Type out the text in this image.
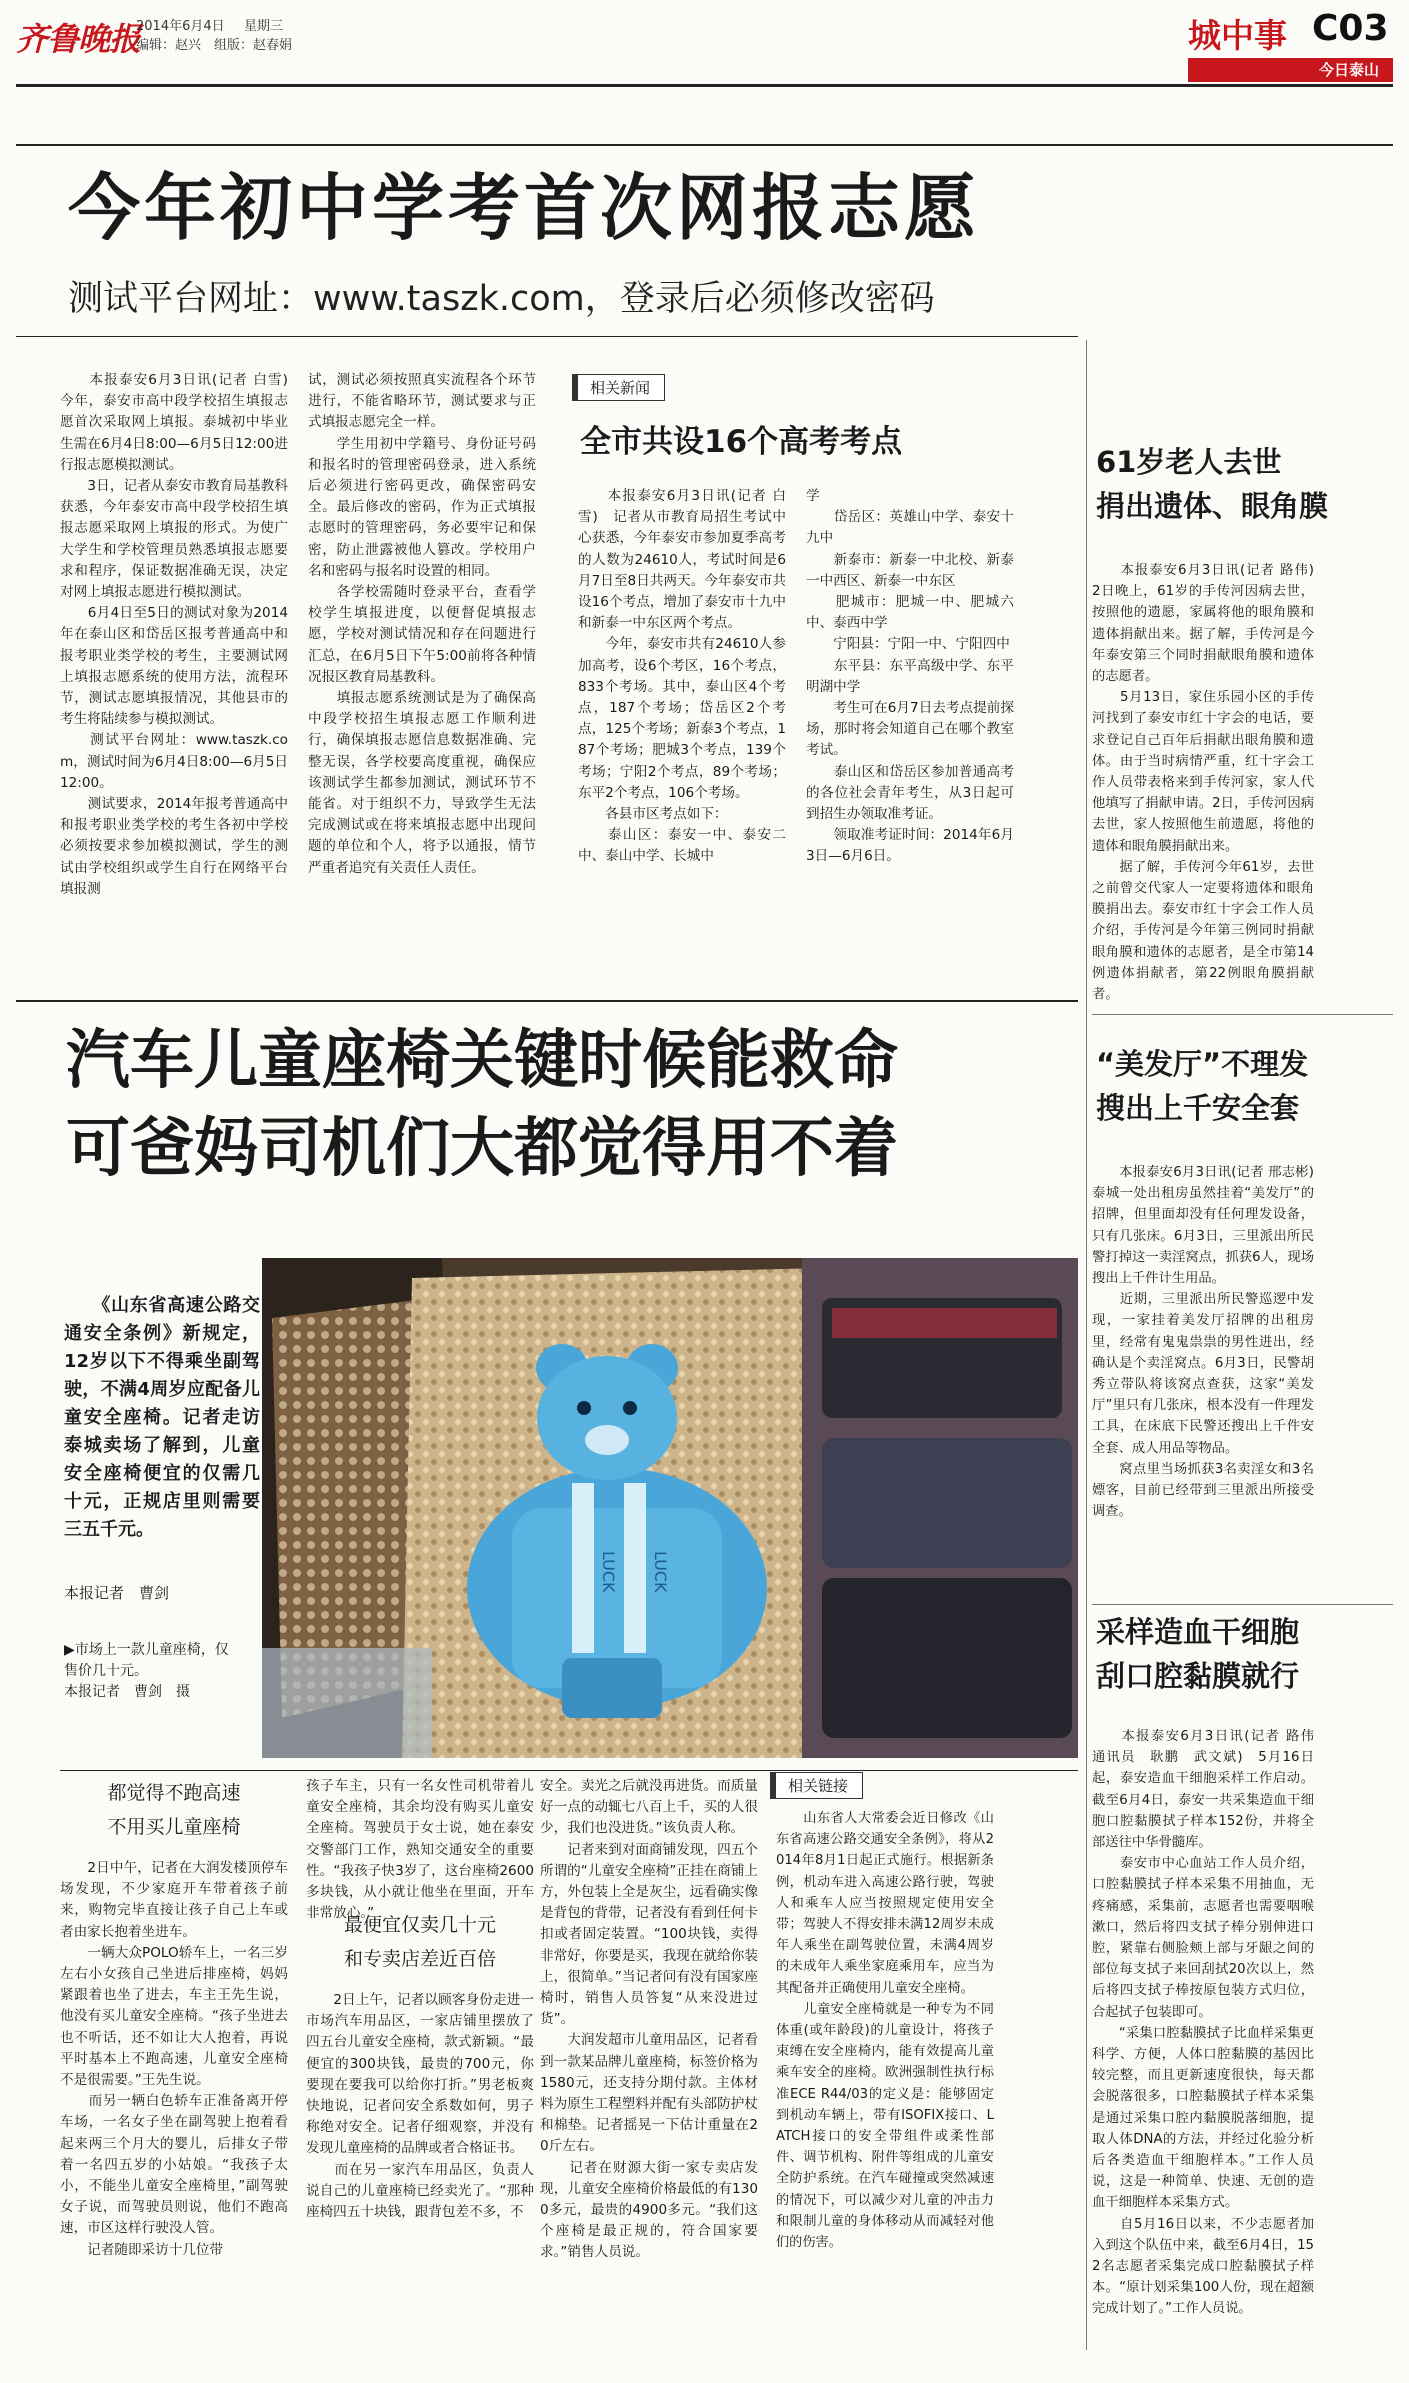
齐鲁晚报
2014年6月4日 星期三
编辑：赵兴　组版：赵春娟	城中事 C03
今日泰山
今年初中学考首次网报志愿
测试平台网址：www.taszk.com，登录后必须修改密码
　　本报泰安6月3日讯(记者 白雪)　今年，泰安市高中段学校招生填报志愿首次采取网上填报。泰城初中毕业生需在6月4日8:00—6月5日12:00进行报志愿模拟测试。
　　3日，记者从泰安市教育局基教科获悉，今年泰安市高中段学校招生填报志愿采取网上填报的形式。为使广大学生和学校管理员熟悉填报志愿要求和程序，保证数据准确无误，决定对网上填报志愿进行模拟测试。
　　6月4日至5日的测试对象为2014年在泰山区和岱岳区报考普通高中和报考职业类学校的考生，主要测试网上填报志愿系统的使用方法，流程环节，测试志愿填报情况，其他县市的考生将陆续参与模拟测试。
　　测试平台网址：www.taszk.com，测试时间为6月4日8:00—6月5日12:00。
　　测试要求，2014年报考普通高中和报考职业类学校的考生各初中学校必须按要求参加模拟测试，学生的测试由学校组织或学生自行在网络平台填报测
试，测试必须按照真实流程各个环节进行，不能省略环节，测试要求与正式填报志愿完全一样。
　　学生用初中学籍号、身份证号码和报名时的管理密码登录，进入系统后必须进行密码更改，确保密码安全。最后修改的密码，作为正式填报志愿时的管理密码，务必要牢记和保密，防止泄露被他人篡改。学校用户名和密码与报名时设置的相同。
　　各学校需随时登录平台，查看学校学生填报进度，以便督促填报志愿，学校对测试情况和存在问题进行汇总，在6月5日下午5:00前将各种情况报区教育局基教科。
　　填报志愿系统测试是为了确保高中段学校招生填报志愿工作顺利进行，确保填报志愿信息数据准确、完整无误，各学校要高度重视，确保应该测试学生都参加测试，测试环节不能省。对于组织不力，导致学生无法完成测试或在将来填报志愿中出现问题的单位和个人，将予以通报，情节严重者追究有关责任人责任。
相关新闻
全市共设16个高考考点
　　本报泰安6月3日讯(记者 白雪)　记者从市教育局招生考试中心获悉，今年泰安市参加夏季高考的人数为24610人，考试时间是6月7日至8日共两天。今年泰安市共设16个考点，增加了泰安市十九中和新泰一中东区两个考点。
　　今年，泰安市共有24610人参加高考，设6个考区，16个考点，833个考场。其中，泰山区4个考点，187个考场；岱岳区2个考点，125个考场；新泰3个考点，187个考场；肥城3个考点，139个考场；宁阳2个考点，89个考场；东平2个考点，106个考场。
　　各县市区考点如下：
　　泰山区：泰安一中、泰安二中、泰山中学、长城中
学
　　岱岳区：英雄山中学、泰安十九中
　　新泰市：新泰一中北校、新泰一中西区、新泰一中东区
　　肥城市：肥城一中、肥城六中、泰西中学
　　宁阳县：宁阳一中、宁阳四中
　　东平县：东平高级中学、东平明湖中学
　　考生可在6月7日去考点提前探场，那时将会知道自己在哪个教室考试。
　　泰山区和岱岳区参加普通高考的各位社会青年考生，从3日起可到招生办领取准考证。
　　领取准考证时间：2014年6月3日—6月6日。
61岁老人去世
捐出遗体、眼角膜
　　本报泰安6月3日讯(记者 路伟)　2日晚上，61岁的手传河因病去世，按照他的遗愿，家属将他的眼角膜和遗体捐献出来。据了解，手传河是今年泰安第三个同时捐献眼角膜和遗体的志愿者。
　　5月13日，家住乐园小区的手传河找到了泰安市红十字会的电话，要求登记自己百年后捐献出眼角膜和遗体。由于当时病情严重，红十字会工作人员带表格来到手传河家，家人代他填写了捐献申请。2日，手传河因病去世，家人按照他生前遗愿，将他的遗体和眼角膜捐献出来。
　　据了解，手传河今年61岁，去世之前曾交代家人一定要将遗体和眼角膜捐出去。泰安市红十字会工作人员介绍，手传河是今年第三例同时捐献眼角膜和遗体的志愿者，是全市第14例遗体捐献者，第22例眼角膜捐献者。
汽车儿童座椅关键时候能救命
可爸妈司机们大都觉得用不着
　　《山东省高速公路交通安全条例》新规定，12岁以下不得乘坐副驾驶，不满4周岁应配备儿童安全座椅。记者走访泰城卖场了解到，儿童安全座椅便宜的仅需几十元，正规店里则需要三五千元。
本报记者　曹剑
▶市场上一款儿童座椅，仅售价几十元。
本报记者　曹剑　摄
LUCK LUCK
都觉得不跑高速
不用买儿童座椅
　　2日中午，记者在大润发楼顶停车场发现，不少家庭开车带着孩子前来，购物完毕直接让孩子自己上车或者由家长抱着坐进车。
　　一辆大众POLO轿车上，一名三岁左右小女孩自己坐进后排座椅，妈妈紧跟着也坐了进去，车主王先生说，他没有买儿童安全座椅。“孩子坐进去也不听话，还不如让大人抱着，再说平时基本上不跑高速，儿童安全座椅不是很需要。”王先生说。
　　而另一辆白色轿车正准备离开停车场，一名女子坐在副驾驶上抱着看起来两三个月大的婴儿，后排女子带着一名四五岁的小姑娘。“我孩子太小，不能坐儿童安全座椅里，”副驾驶女子说，而驾驶员则说，他们不跑高速，市区这样行驶没人管。
　　记者随即采访十几位带
孩子车主，只有一名女性司机带着儿童安全座椅，其余均没有购买儿童安全座椅。驾驶员于女士说，她在泰安交警部门工作，熟知交通安全的重要性。“我孩子快3岁了，这台座椅2600多块钱，从小就让他坐在里面，开车非常放心。”
最便宜仅卖几十元
和专卖店差近百倍
　　2日上午，记者以顾客身份走进一市场汽车用品区，一家店铺里摆放了四五台儿童安全座椅，款式新颖。“最便宜的300块钱，最贵的700元，你要现在要我可以给你打折。”男老板爽快地说，记者问安全系数如何，男子称绝对安全。记者仔细观察，并没有发现儿童座椅的品牌或者合格证书。
　　而在另一家汽车用品区，负责人说自己的儿童座椅已经卖光了。“那种座椅四五十块钱，跟背包差不多，不
安全。卖光之后就没再进货。而质量好一点的动辄七八百上千，买的人很少，我们也没进货。”该负责人称。
　　记者来到对面商铺发现，四五个所谓的“儿童安全座椅”正挂在商铺上方，外包装上全是灰尘，远看确实像是背包的背带，记者没有看到任何卡扣或者固定装置。“100块钱，卖得非常好，你要是买，我现在就给你装上，很简单。”当记者问有没有国家座椅时，销售人员答复“从来没进过货”。
　　大润发超市儿童用品区，记者看到一款某品牌儿童座椅，标签价格为1580元，还支持分期付款。主体材料为原生工程塑料并配有头部防护杖和棉垫。记者摇晃一下估计重量在20斤左右。
　　记者在财源大街一家专卖店发现，儿童安全座椅价格最低的有1300多元，最贵的4900多元。“我们这个座椅是最正规的，符合国家要求。”销售人员说。
相关链接
　　山东省人大常委会近日修改《山东省高速公路交通安全条例》，将从2014年8月1日起正式施行。根据新条例，机动车进入高速公路行驶，驾驶人和乘车人应当按照规定使用安全带；驾驶人不得安排未满12周岁未成年人乘坐在副驾驶位置，未满4周岁的未成年人乘坐家庭乘用车，应当为其配备并正确使用儿童安全座椅。
　　儿童安全座椅就是一种专为不同体重(或年龄段)的儿童设计，将孩子束缚在安全座椅内，能有效提高儿童乘车安全的座椅。欧洲强制性执行标准ECE R44/03的定义是：能够固定到机动车辆上，带有ISOFIX接口、LATCH接口的安全带组件或柔性部件、调节机构、附件等组成的儿童安全防护系统。在汽车碰撞或突然减速的情况下，可以减少对儿童的冲击力和限制儿童的身体移动从而减轻对他们的伤害。
“美发厅”不理发
搜出上千安全套
　　本报泰安6月3日讯(记者 邢志彬)　泰城一处出租房虽然挂着“美发厅”的招牌，但里面却没有任何理发设备，只有几张床。6月3日，三里派出所民警打掉这一卖淫窝点，抓获6人，现场搜出上千件计生用品。
　　近期，三里派出所民警巡逻中发现，一家挂着美发厅招牌的出租房里，经常有鬼鬼祟祟的男性进出，经确认是个卖淫窝点。6月3日，民警胡秀立带队将该窝点查获，这家“美发厅”里只有几张床，根本没有一件理发工具，在床底下民警还搜出上千件安全套、成人用品等物品。
　　窝点里当场抓获3名卖淫女和3名嫖客，目前已经带到三里派出所接受调查。
采样造血干细胞
刮口腔黏膜就行
　　本报泰安6月3日讯(记者 路伟　通讯员　耿鹏　武文斌)　5月16日起，泰安造血干细胞采样工作启动。截至6月4日，泰安一共采集造血干细胞口腔黏膜拭子样本152份，并将全部送往中华骨髓库。
　　泰安市中心血站工作人员介绍，口腔黏膜拭子样本采集不用抽血，无疼痛感，采集前，志愿者也需要咽喉漱口，然后将四支拭子棒分别伸进口腔，紧靠右侧脸颊上部与牙龈之间的部位每支拭子来回刮拭20次以上，然后将四支拭子棒按原包装方式归位，合起拭子包装即可。
　　“采集口腔黏膜拭子比血样采集更科学、方便，人体口腔黏膜的基因比较完整，而且更新速度很快，每天都会脱落很多，口腔黏膜拭子样本采集是通过采集口腔内黏膜脱落细胞，提取人体DNA的方法，并经过化验分析后各类造血干细胞样本。”工作人员说，这是一种简单、快速、无创的造血干细胞样本采集方式。
　　自5月16日以来，不少志愿者加入到这个队伍中来，截至6月4日，152名志愿者采集完成口腔黏膜拭子样本。“原计划采集100人份，现在超额完成计划了。”工作人员说。
